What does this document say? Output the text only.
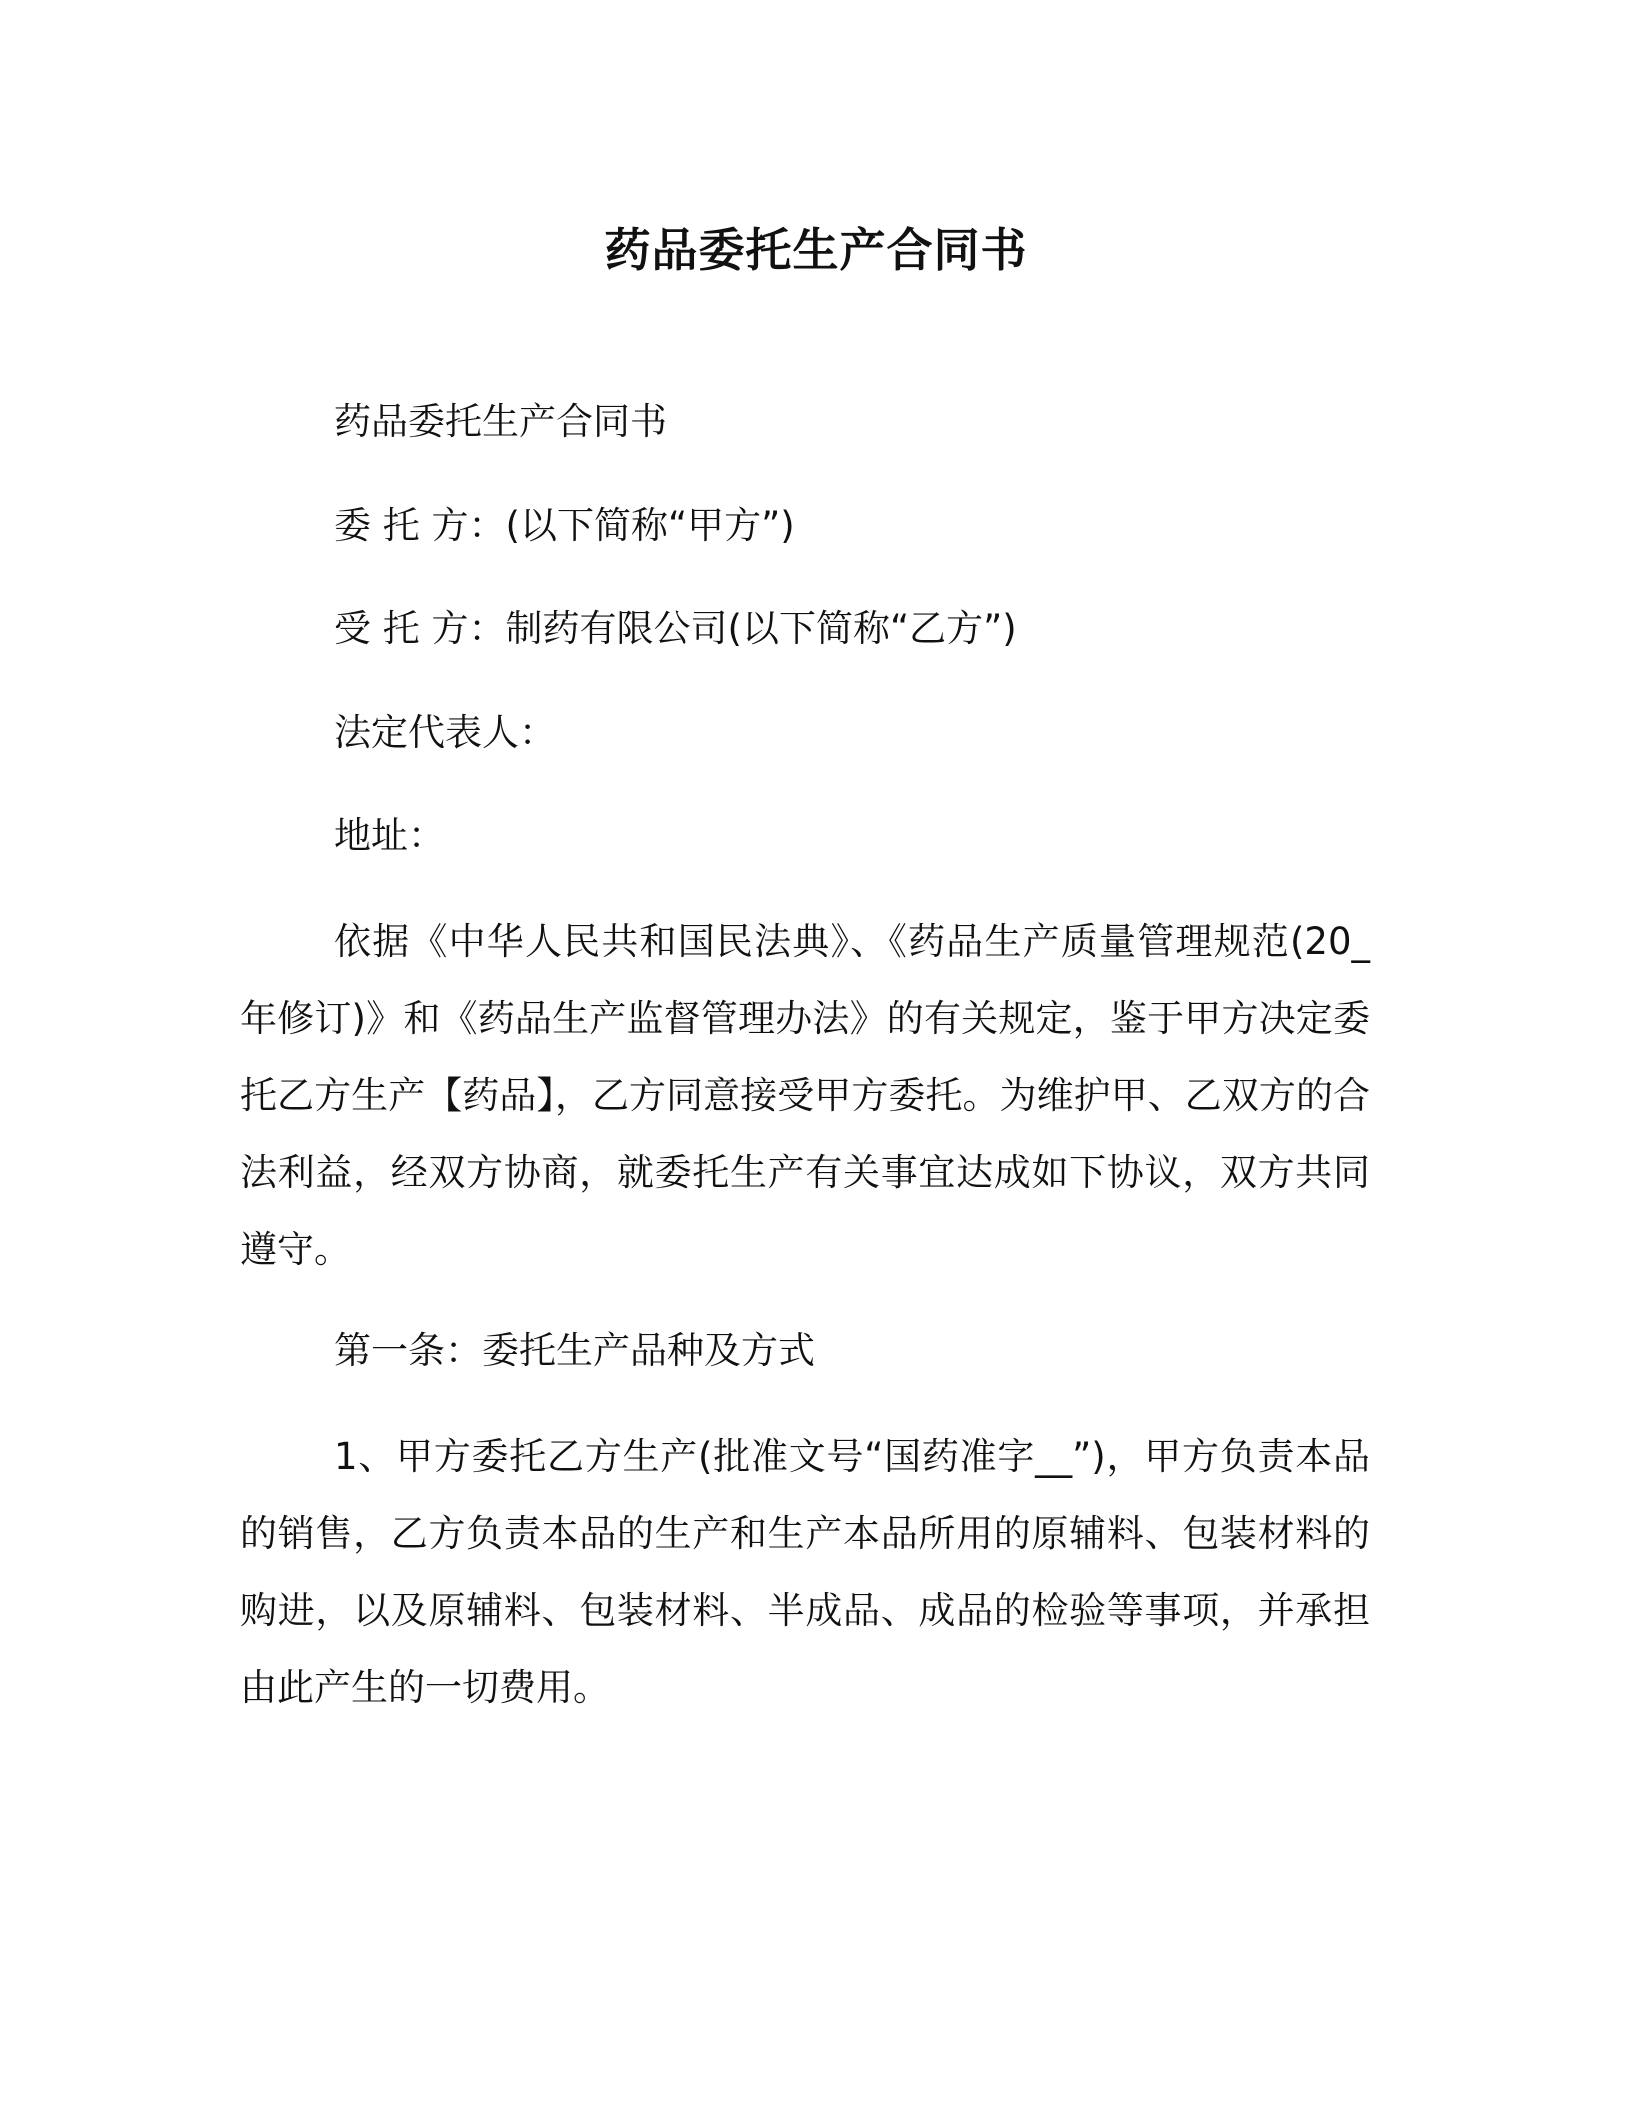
药品委托生产合同书
药品委托生产合同书
委 托 方：(以下简称“甲方”)
受 托 方：制药有限公司(以下简称“乙方”)
法定代表人：
地址：

依据《中华人民共和国民法典》、《药品生产质量管理规范(20_年修订)》和《药品生产监督管理办法》的有关规定，鉴于甲方决定委托乙方生产【药品】，乙方同意接受甲方委托。为维护甲、乙双方的合法利益，经双方协商，就委托生产有关事宜达成如下协议，双方共同遵守。

第一条：委托生产品种及方式

1、甲方委托乙方生产(批准文号“国药准字__”)，甲方负责本品的销售，乙方负责本品的生产和生产本品所用的原辅料、包装材料的购进，以及原辅料、包装材料、半成品、成品的检验等事项，并承担由此产生的一切费用。
